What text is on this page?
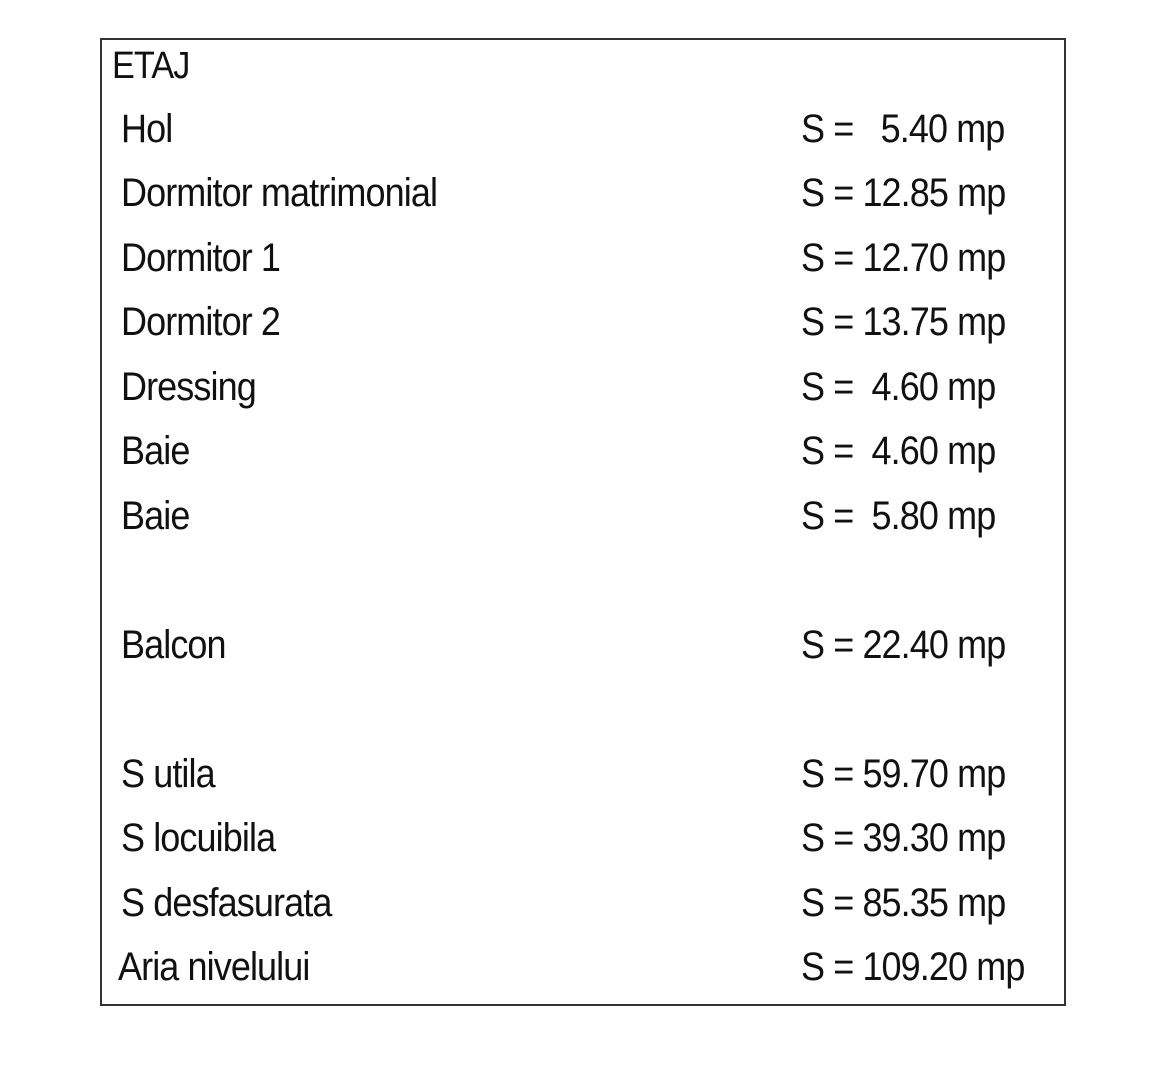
ETAJ
Hol	S =   5.40 mp
Dormitor matrimonial	S = 12.85 mp
Dormitor 1	S = 12.70 mp
Dormitor 2	S = 13.75 mp
Dressing	S =  4.60 mp
Baie	S =  4.60 mp
Baie	S =  5.80 mp
Balcon	S = 22.40 mp
S utila	S = 59.70 mp
S locuibila	S = 39.30 mp
S desfasurata	S = 85.35 mp
Aria nivelului	S = 109.20 mp
